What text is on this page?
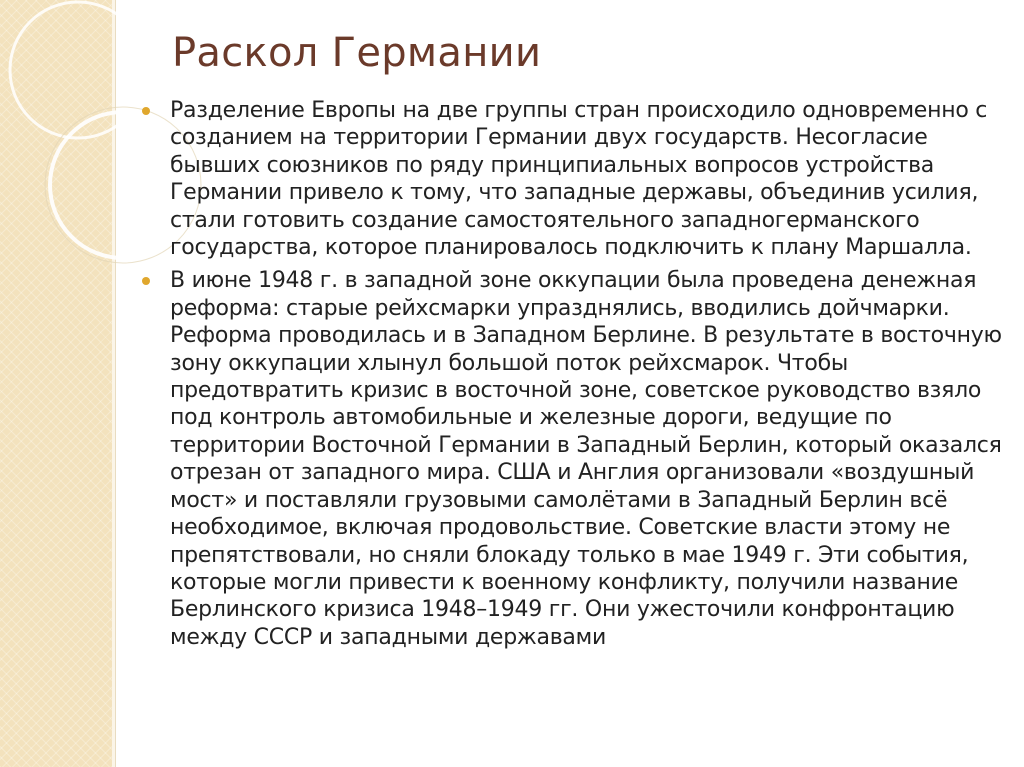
Раскол Германии
Разделение Европы на две группы стран происходило одновременно с созданием на территории Германии двух государств. Несогласие бывших союзников по ряду принципиальных вопросов устройства Германии привело к тому, что западные державы, объединив усилия, стали готовить создание самостоятельного западногерманского государства, которое планировалось подключить к плану Маршалла.
В июне 1948 г. в западной зоне оккупации была проведена денежная реформа: старые рейхсмарки упразднялись, вводились дойчмарки. Реформа проводилась и в Западном Берлине. В результате в восточную зону оккупации хлынул большой поток рейхсмарок. Чтобы предотвратить кризис в восточной зоне, советское руководство взяло под контроль автомобильные и железные дороги, ведущие по территории Восточной Германии в Западный Берлин, который оказался отрезан от западного мира. США и Англия организовали «воздушный мост» и поставляли грузовыми самолётами в Западный Берлин всё необходимое, включая продовольствие. Советские власти этому не препятствовали, но сняли блокаду только в мае 1949 г. Эти события, которые могли привести к военному конфликту, получили название Берлинского кризиса 1948–1949 гг. Они ужесточили конфронтацию между СССР и западными державами
